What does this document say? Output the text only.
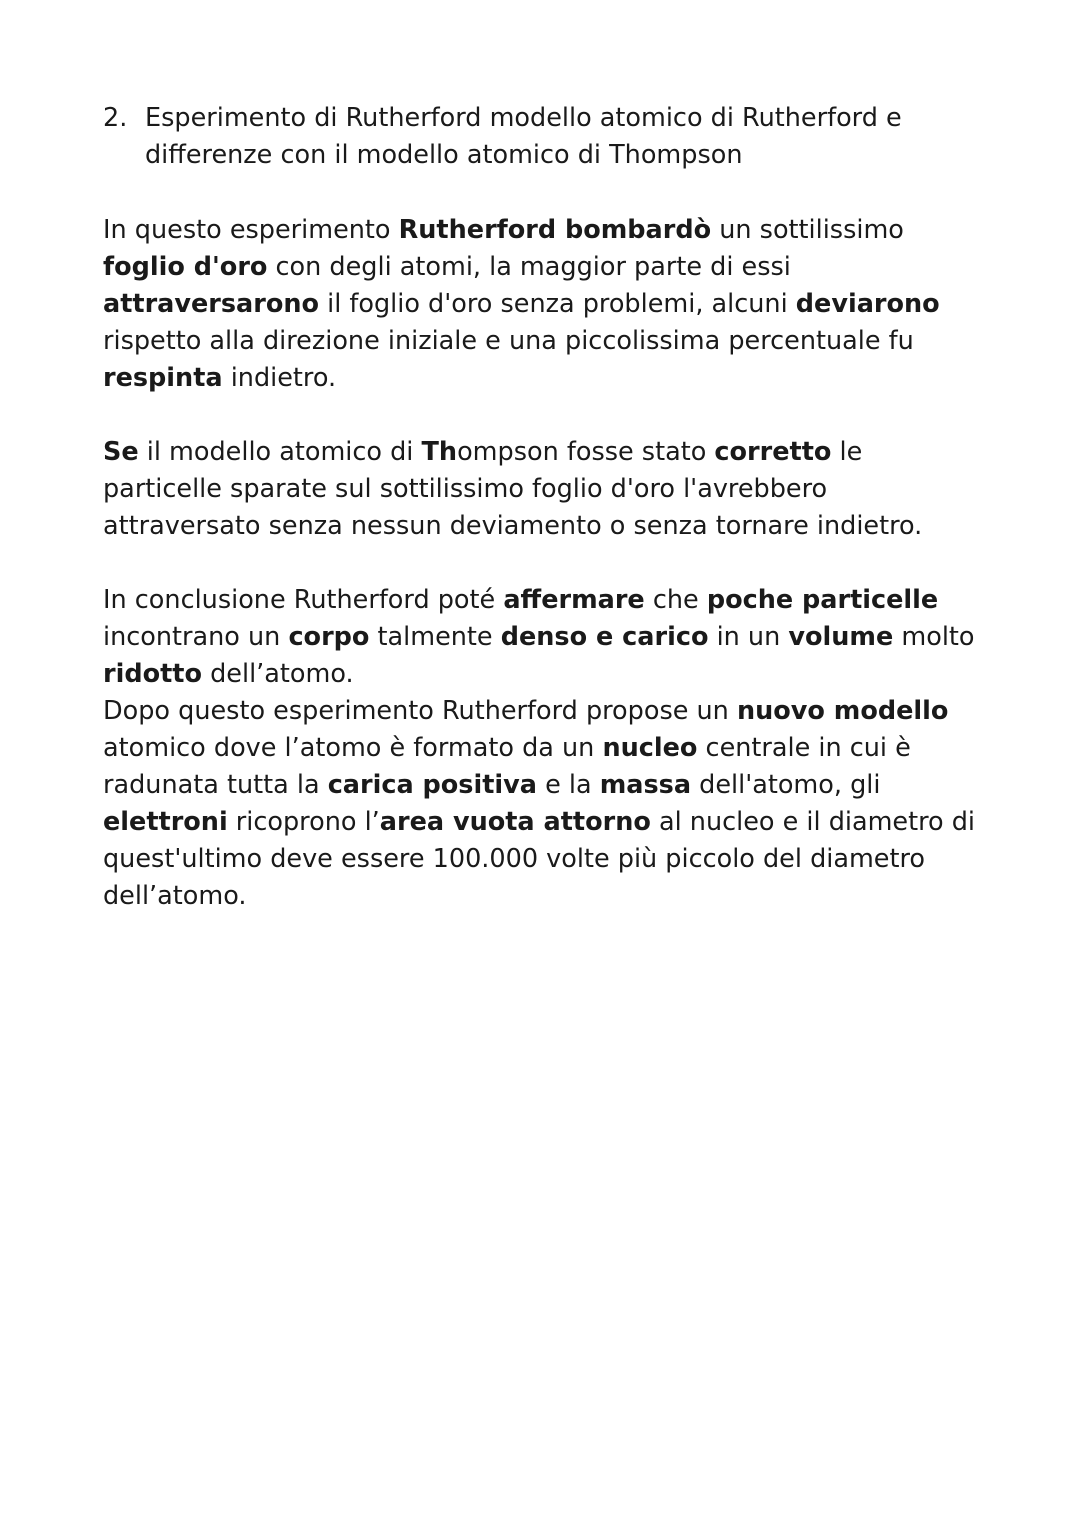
2. Esperimento di Rutherford modello atomico di Rutherford e
differenze con il modello atomico di Thompson

In questo esperimento Rutherford bombardò un sottilissimo
foglio d'oro con degli atomi, la maggior parte di essi
attraversarono il foglio d'oro senza problemi, alcuni deviarono
rispetto alla direzione iniziale e una piccolissima percentuale fu
respinta indietro.

Se il modello atomico di Thompson fosse stato corretto le
particelle sparate sul sottilissimo foglio d'oro l'avrebbero
attraversato senza nessun deviamento o senza tornare indietro.

In conclusione Rutherford poté affermare che poche particelle
incontrano un corpo talmente denso e carico in un volume molto
ridotto dell’atomo.
Dopo questo esperimento Rutherford propose un nuovo modello
atomico dove l’atomo è formato da un nucleo centrale in cui è
radunata tutta la carica positiva e la massa dell'atomo, gli
elettroni ricoprono l’area vuota attorno al nucleo e il diametro di
quest'ultimo deve essere 100.000 volte più piccolo del diametro
dell’atomo.
